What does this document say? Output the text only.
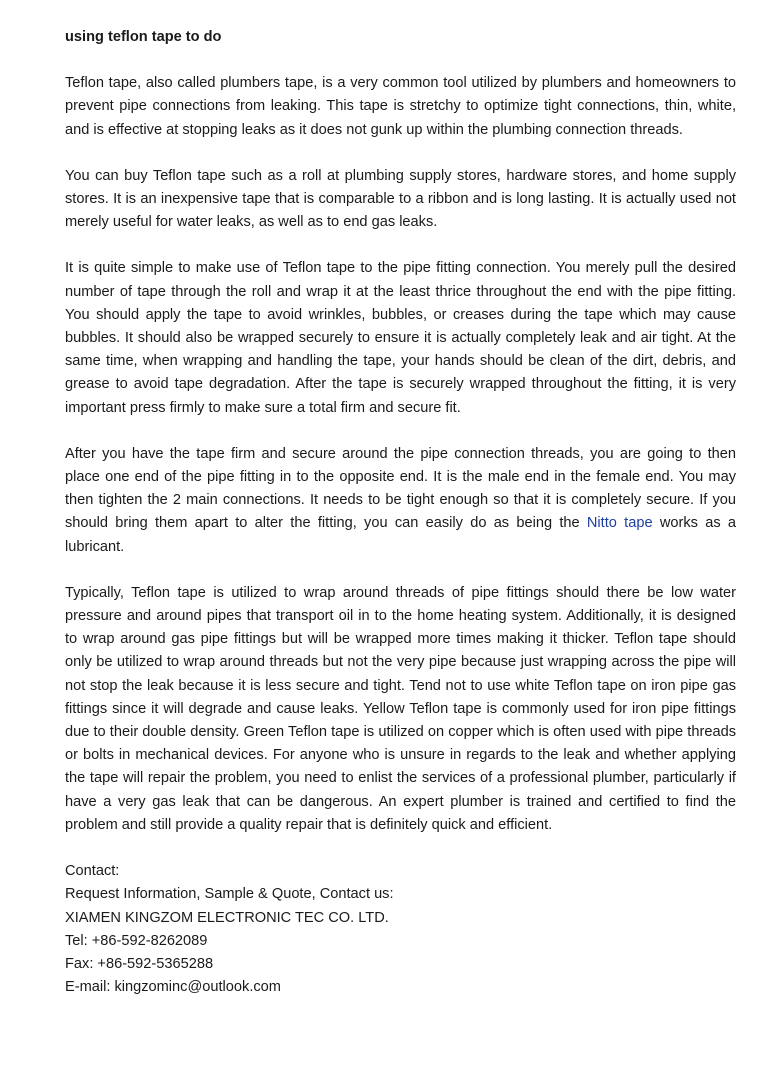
using teflon tape to do

Teflon tape, also called plumbers tape, is a very common tool utilized by plumbers and homeowners to prevent pipe connections from leaking. This tape is stretchy to optimize tight connections, thin, white, and is effective at stopping leaks as it does not gunk up within the plumbing connection threads.

You can buy Teflon tape such as a roll at plumbing supply stores, hardware stores, and home supply stores. It is an inexpensive tape that is comparable to a ribbon and is long lasting. It is actually used not merely useful for water leaks, as well as to end gas leaks.

It is quite simple to make use of Teflon tape to the pipe fitting connection. You merely pull the desired number of tape through the roll and wrap it at the least thrice throughout the end with the pipe fitting. You should apply the tape to avoid wrinkles, bubbles, or creases during the tape which may cause bubbles. It should also be wrapped securely to ensure it is actually completely leak and air tight. At the same time, when wrapping and handling the tape, your hands should be clean of the dirt, debris, and grease to avoid tape degradation. After the tape is securely wrapped throughout the fitting, it is very important press firmly to make sure a total firm and secure fit.

After you have the tape firm and secure around the pipe connection threads, you are going to then place one end of the pipe fitting in to the opposite end. It is the male end in the female end. You may then tighten the 2 main connections. It needs to be tight enough so that it is completely secure. If you should bring them apart to alter the fitting, you can easily do as being the Nitto tape works as a lubricant.

Typically, Teflon tape is utilized to wrap around threads of pipe fittings should there be low water pressure and around pipes that transport oil in to the home heating system. Additionally, it is designed to wrap around gas pipe fittings but will be wrapped more times making it thicker. Teflon tape should only be utilized to wrap around threads but not the very pipe because just wrapping across the pipe will not stop the leak because it is less secure and tight. Tend not to use white Teflon tape on iron pipe gas fittings since it will degrade and cause leaks. Yellow Teflon tape is commonly used for iron pipe fittings due to their double density. Green Teflon tape is utilized on copper which is often used with pipe threads or bolts in mechanical devices. For anyone who is unsure in regards to the leak and whether applying the tape will repair the problem, you need to enlist the services of a professional plumber, particularly if have a very gas leak that can be dangerous. An expert plumber is trained and certified to find the problem and still provide a quality repair that is definitely quick and efficient.

Contact:
Request Information, Sample & Quote, Contact us:
XIAMEN KINGZOM ELECTRONIC TEC CO. LTD.
Tel: +86-592-8262089
Fax: +86-592-5365288
E-mail: kingzominc@outlook.com
